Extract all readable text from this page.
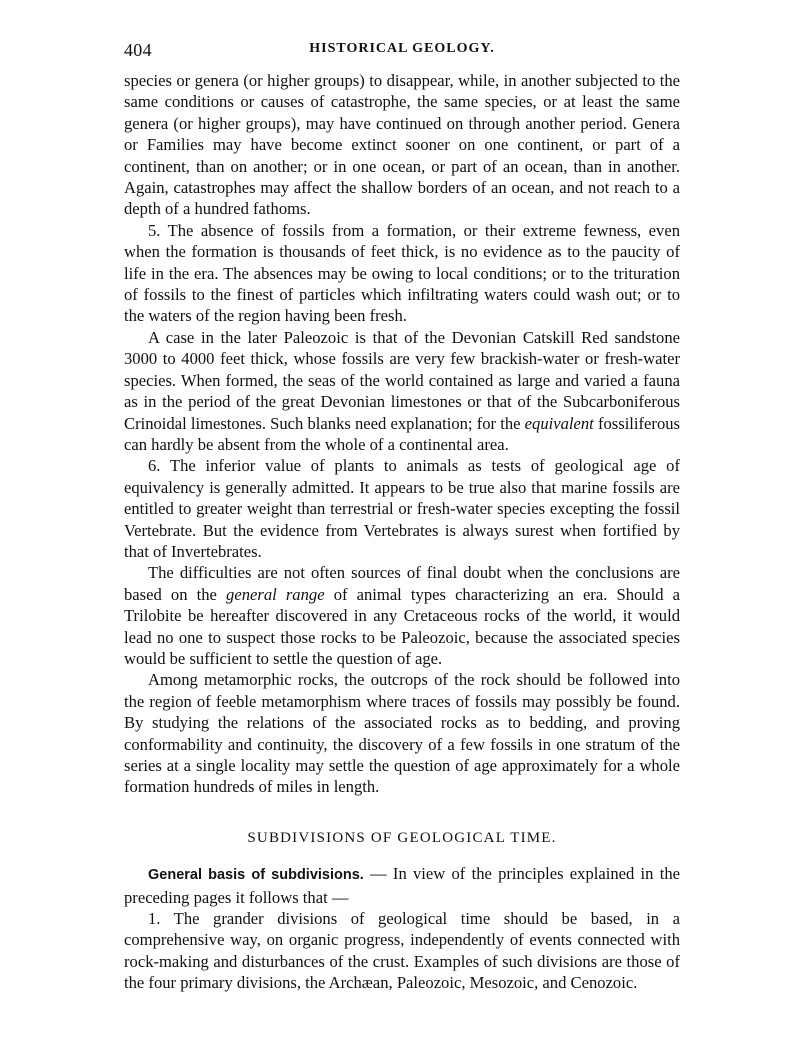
404	HISTORICAL GEOLOGY.

species or genera (or higher groups) to disappear, while, in another subjected to the same conditions or causes of catastrophe, the same species, or at least the same genera (or higher groups), may have continued on through another period. Genera or Families may have become extinct sooner on one continent, or part of a continent, than on another; or in one ocean, or part of an ocean, than in another. Again, catastrophes may affect the shallow borders of an ocean, and not reach to a depth of a hundred fathoms.

5. The absence of fossils from a formation, or their extreme fewness, even when the formation is thousands of feet thick, is no evidence as to the paucity of life in the era. The absences may be owing to local conditions; or to the trituration of fossils to the finest of particles which infiltrating waters could wash out; or to the waters of the region having been fresh.

A case in the later Paleozoic is that of the Devonian Catskill Red sandstone 3000 to 4000 feet thick, whose fossils are very few brackish-water or fresh-water species. When formed, the seas of the world contained as large and varied a fauna as in the period of the great Devonian limestones or that of the Subcarboniferous Crinoidal limestones. Such blanks need explanation; for the equivalent fossiliferous can hardly be absent from the whole of a continental area.

6. The inferior value of plants to animals as tests of geological age of equivalency is generally admitted. It appears to be true also that marine fossils are entitled to greater weight than terrestrial or fresh-water species excepting the fossil Vertebrate. But the evidence from Vertebrates is always surest when fortified by that of Invertebrates.

The difficulties are not often sources of final doubt when the conclusions are based on the general range of animal types characterizing an era. Should a Trilobite be hereafter discovered in any Cretaceous rocks of the world, it would lead no one to suspect those rocks to be Paleozoic, because the associated species would be sufficient to settle the question of age.

Among metamorphic rocks, the outcrops of the rock should be followed into the region of feeble metamorphism where traces of fossils may possibly be found. By studying the relations of the associated rocks as to bedding, and proving conformability and continuity, the discovery of a few fossils in one stratum of the series at a single locality may settle the question of age approximately for a whole formation hundreds of miles in length.

SUBDIVISIONS OF GEOLOGICAL TIME.

General basis of subdivisions. — In view of the principles explained in the preceding pages it follows that —

1. The grander divisions of geological time should be based, in a comprehensive way, on organic progress, independently of events connected with rock-making and disturbances of the crust. Examples of such divisions are those of the four primary divisions, the Archæan, Paleozoic, Mesozoic, and Cenozoic.
